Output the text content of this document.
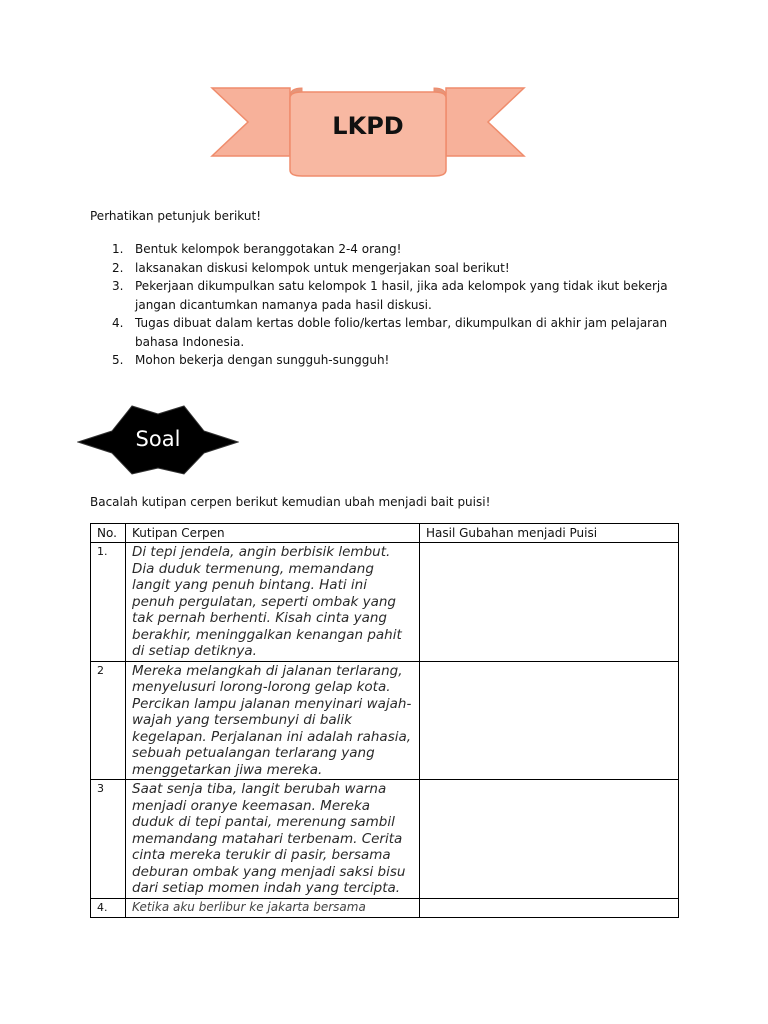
LKPD

Perhatikan petunjuk berikut!

1. Bentuk kelompok beranggotakan 2-4 orang!
2. laksanakan diskusi kelompok untuk mengerjakan soal berikut!
3. Pekerjaan dikumpulkan satu kelompok 1 hasil, jika ada kelompok yang tidak ikut bekerja jangan dicantumkan namanya pada hasil diskusi.
4. Tugas dibuat dalam kertas doble folio/kertas lembar, dikumpulkan di akhir jam pelajaran bahasa Indonesia.
5. Mohon bekerja dengan sungguh-sungguh!
Soal

Bacalah kutipan cerpen berikut kemudian ubah menjadi bait puisi!

No.	Kutipan Cerpen	Hasil Gubahan menjadi Puisi
1.	Di tepi jendela, angin berbisik lembut. Dia duduk termenung, memandang langit yang penuh bintang. Hati ini penuh pergulatan, seperti ombak yang tak pernah berhenti. Kisah cinta yang berakhir, meninggalkan kenangan pahit di setiap detiknya.	
2	Mereka melangkah di jalanan terlarang, menyelusuri lorong-lorong gelap kota. Percikan lampu jalanan menyinari wajah-wajah yang tersembunyi di balik kegelapan. Perjalanan ini adalah rahasia, sebuah petualangan terlarang yang menggetarkan jiwa mereka.	
3	Saat senja tiba, langit berubah warna menjadi oranye keemasan. Mereka duduk di tepi pantai, merenung sambil memandang matahari terbenam. Cerita cinta mereka terukir di pasir, bersama deburan ombak yang menjadi saksi bisu dari setiap momen indah yang tercipta.	
4.	Ketika aku berlibur ke jakarta bersama	
